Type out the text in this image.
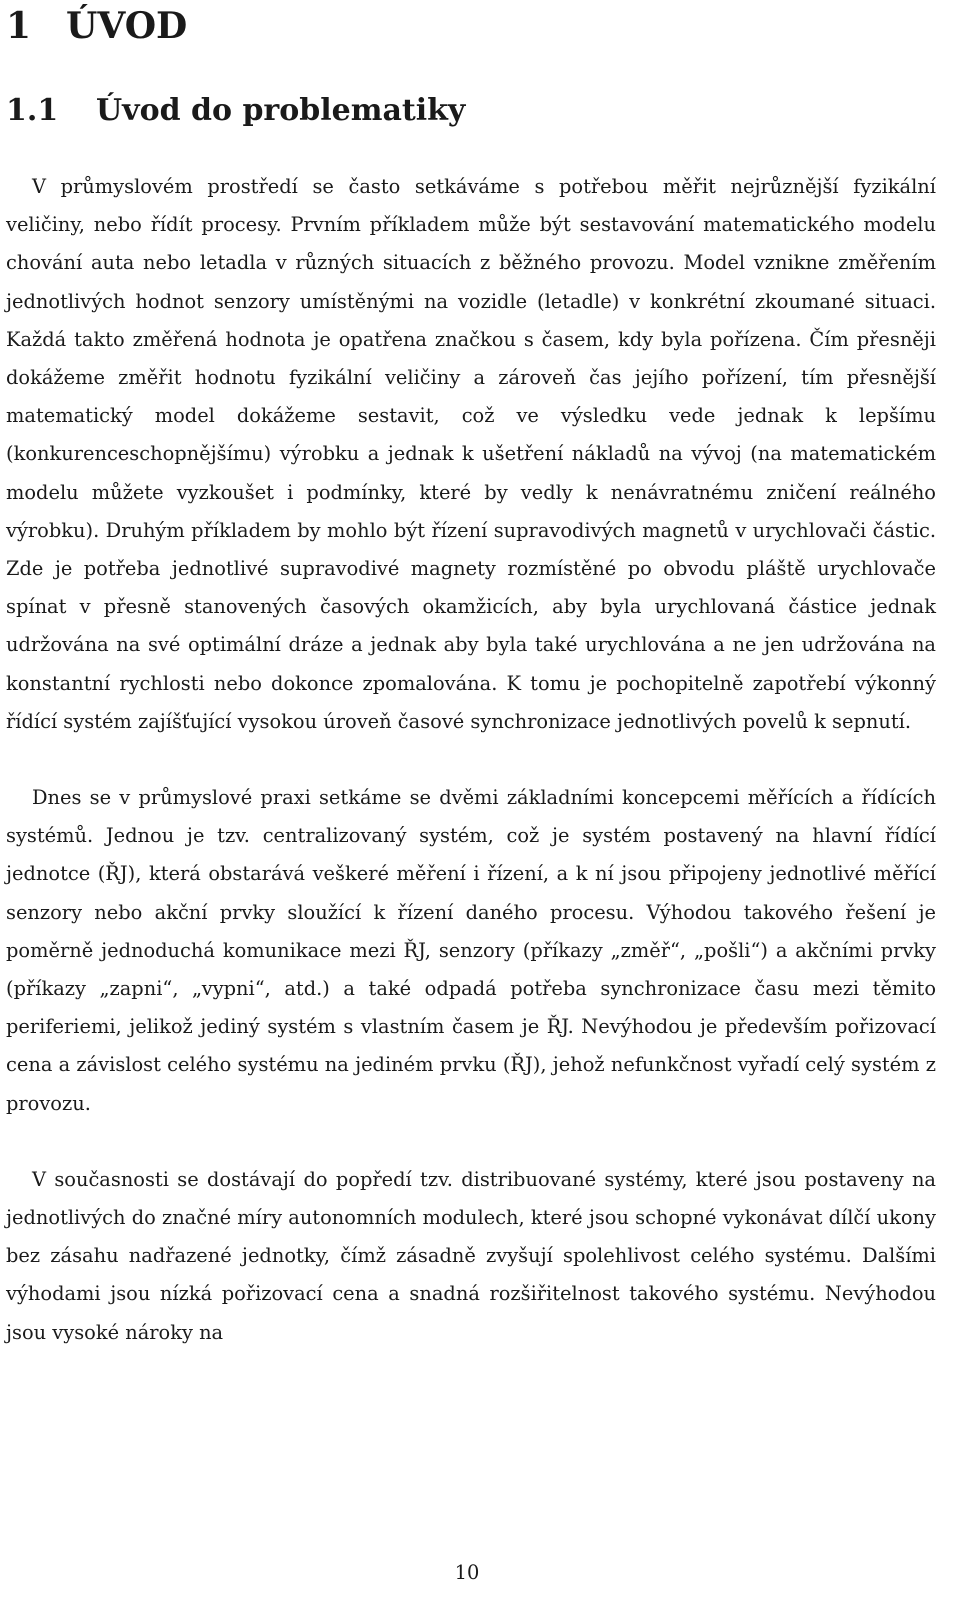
1 ÚVOD
1.1 Úvod do problematiky

V průmyslovém prostředí se často setkáváme s potřebou měřit nejrůznější fyzikální veličiny, nebo řídít procesy. Prvním příkladem může být sestavování matematického modelu chování auta nebo letadla v různých situacích z běžného provozu. Model vznikne změřením jednotlivých hodnot senzory umístěnými na vozidle (letadle) v konkrétní zkoumané situaci. Každá takto změřená hodnota je opatřena značkou s časem, kdy byla pořízena. Čím přesněji dokážeme změřit hodnotu fyzikální veličiny a zároveň čas jejího pořízení, tím přesnější matematický model dokážeme sestavit, což ve výsledku vede jednak k lepšímu (konkurenceschopnějšímu) výrobku a jednak k ušetření nákladů na vývoj (na matematickém modelu můžete vyzkoušet i podmínky, které by vedly k nenávratnému zničení reálného výrobku). Druhým příkladem by mohlo být řízení supravodivých magnetů v urychlovači částic. Zde je potřeba jednotlivé supravodivé magnety rozmístěné po obvodu pláště urychlovače spínat v přesně stanovených časových okamžicích, aby byla urychlovaná částice jednak udržována na své optimální dráze a jednak aby byla také urychlována a ne jen udržována na konstantní rychlosti nebo dokonce zpomalována. K tomu je pochopitelně zapotřebí výkonný řídící systém zajíšťující vysokou úroveň časové synchronizace jednotlivých povelů k sepnutí.

Dnes se v průmyslové praxi setkáme se dvěmi základními koncepcemi měřících a řídících systémů. Jednou je tzv. centralizovaný systém, což je systém postavený na hlavní řídící jednotce (ŘJ), která obstarává veškeré měření i řízení, a k ní jsou připojeny jednotlivé měřící senzory nebo akční prvky sloužící k řízení daného procesu. Výhodou takového řešení je poměrně jednoduchá komunikace mezi ŘJ, senzory (příkazy „změř“, „pošli“) a akčními prvky (příkazy „zapni“, „vypni“, atd.) a také odpadá potřeba synchronizace času mezi těmito periferiemi, jelikož jediný systém s vlastním časem je ŘJ. Nevýhodou je především pořizovací cena a závislost celého systému na jediném prvku (ŘJ), jehož nefunkčnost vyřadí celý systém z provozu.

V současnosti se dostávají do popředí tzv. distribuované systémy, které jsou postaveny na jednotlivých do značné míry autonomních modulech, které jsou schopné vykonávat dílčí ukony bez zásahu nadřazené jednotky, čímž zásadně zvyšují spolehlivost celého systému. Dalšími výhodami jsou nízká pořizovací cena a snadná rozšiřitelnost takového systému. Nevýhodou jsou vysoké nároky na

10
